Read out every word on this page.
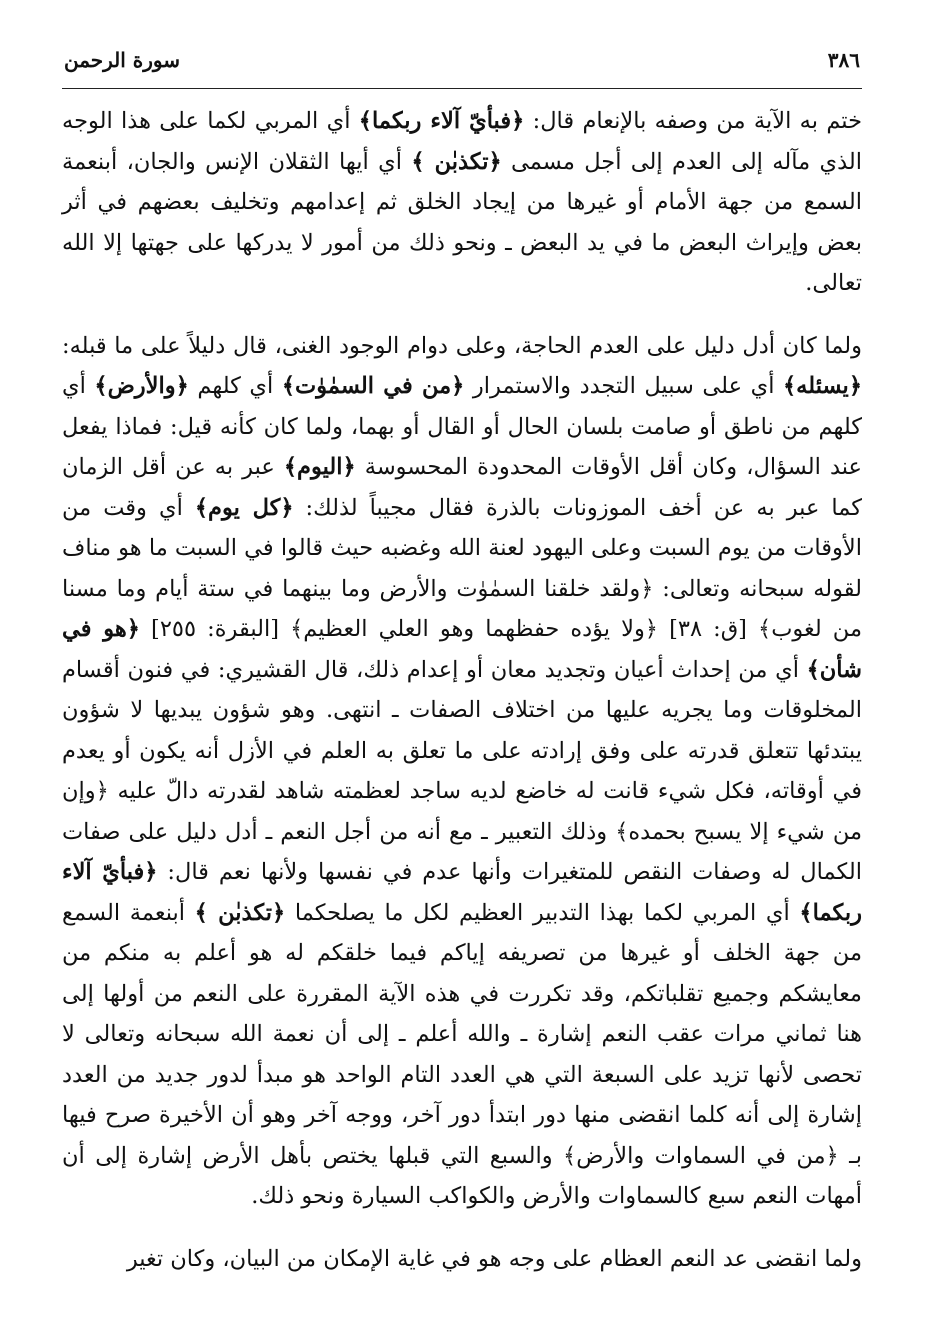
٣٨٦
سورة الرحمن

ختم به الآية من وصفه بالإنعام قال: ﴿فبأيّ آلاء ربكما﴾ أي المربي لكما على هذا الوجه الذي مآله إلى العدم إلى أجل مسمى ﴿تكذبٰن ﴾ أي أيها الثقلان الإنس والجان، أبنعمة السمع من جهة الأمام أو غيرها من إيجاد الخلق ثم إعدامهم وتخليف بعضهم في أثر بعض وإيراث البعض ما في يد البعض ـ ونحو ذلك من أمور لا يدركها على جهتها إلا الله تعالى.

ولما كان أدل دليل على العدم الحاجة، وعلى دوام الوجود الغنى، قال دليلاً على ما قبله: ﴿يسئله﴾ أي على سبيل التجدد والاستمرار ﴿من في السمٰوٰت﴾ أي كلهم ﴿والأرض﴾ أي كلهم من ناطق أو صامت بلسان الحال أو القال أو بهما، ولما كان كأنه قيل: فماذا يفعل عند السؤال، وكان أقل الأوقات المحدودة المحسوسة ﴿اليوم﴾ عبر به عن أقل الزمان كما عبر به عن أخف الموزونات بالذرة فقال مجيباً لذلك: ﴿كل يوم﴾ أي وقت من الأوقات من يوم السبت وعلى اليهود لعنة الله وغضبه حيث قالوا في السبت ما هو مناف لقوله سبحانه وتعالى: ﴿ولقد خلقنا السمٰوٰت والأرض وما بينهما في ستة أيام وما مسنا من لغوب﴾ [ق: ٣٨] ﴿ولا يؤده حفظهما وهو العلي العظيم﴾ [البقرة: ٢٥٥] ﴿هو في شأن﴾ أي من إحداث أعيان وتجديد معان أو إعدام ذلك، قال القشيري: في فنون أقسام المخلوقات وما يجريه عليها من اختلاف الصفات ـ انتهى. وهو شؤون يبديها لا شؤون يبتدئها تتعلق قدرته على وفق إرادته على ما تعلق به العلم في الأزل أنه يكون أو يعدم في أوقاته، فكل شيء قانت له خاضع لديه ساجد لعظمته شاهد لقدرته دالّ عليه ﴿وإن من شيء إلا يسبح بحمده﴾ وذلك التعبير ـ مع أنه من أجل النعم ـ أدل دليل على صفات الكمال له وصفات النقص للمتغيرات وأنها عدم في نفسها ولأنها نعم قال: ﴿فبأيّ آلاء ربكما﴾ أي المربي لكما بهذا التدبير العظيم لكل ما يصلحكما ﴿تكذبٰن ﴾ أبنعمة السمع من جهة الخلف أو غيرها من تصريفه إياكم فيما خلقكم له هو أعلم به منكم من معايشكم وجميع تقلباتكم، وقد تكررت في هذه الآية المقررة على النعم من أولها إلى هنا ثماني مرات عقب النعم إشارة ـ والله أعلم ـ إلى أن نعمة الله سبحانه وتعالى لا تحصى لأنها تزيد على السبعة التي هي العدد التام الواحد هو مبدأ لدور جديد من العدد إشارة إلى أنه كلما انقضى منها دور ابتدأ دور آخر، ووجه آخر وهو أن الأخيرة صرح فيها بـ ﴿من في السماوات والأرض﴾ والسبع التي قبلها يختص بأهل الأرض إشارة إلى أن أمهات النعم سبع كالسماوات والأرض والكواكب السيارة ونحو ذلك.

ولما انقضى عد النعم العظام على وجه هو في غاية الإمكان من البيان، وكان تغير
